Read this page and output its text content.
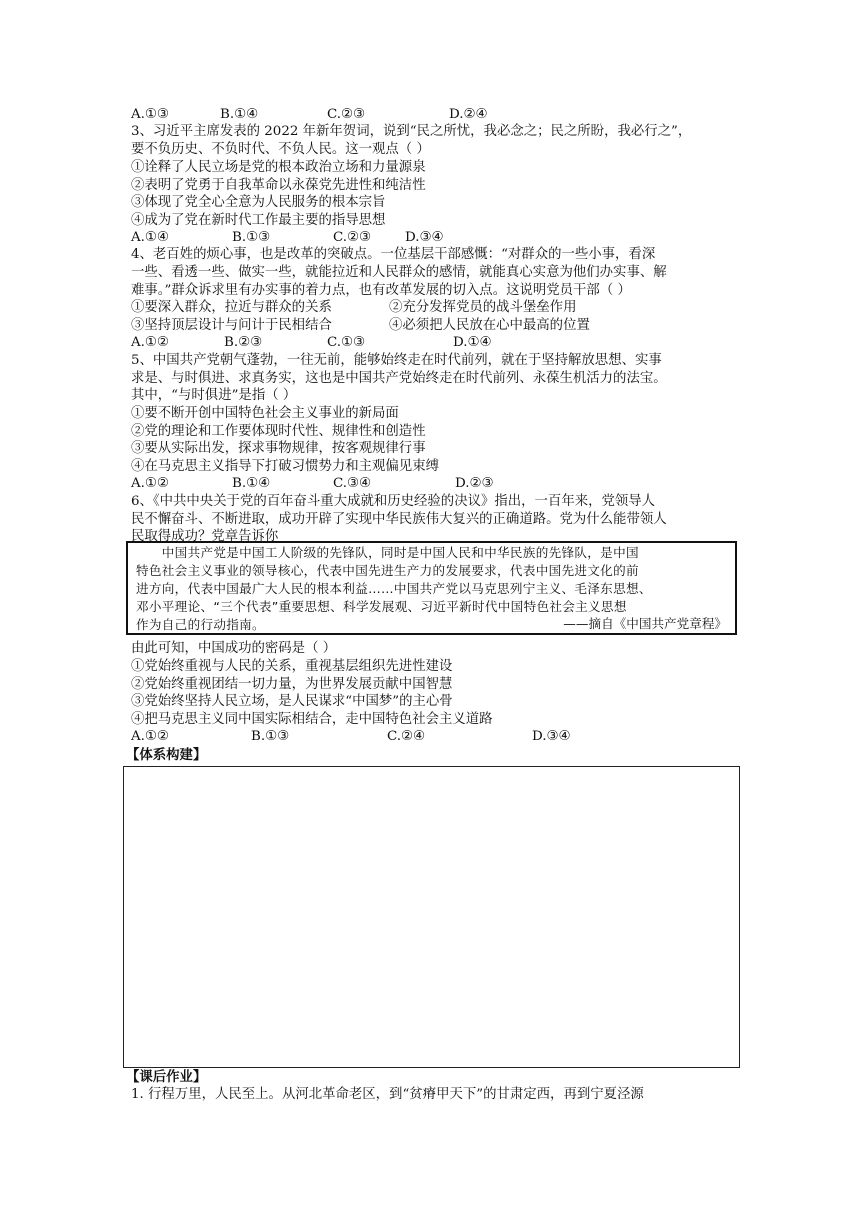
A.①③	B.①④	C.②③	D.②④
3、习近平主席发表的 2022 年新年贺词，说到“民之所忧，我必念之；民之所盼，我必行之”，
要不负历史、不负时代、不负人民。这一观点（ ）
①诠释了人民立场是党的根本政治立场和力量源泉
②表明了党勇于自我革命以永葆党先进性和纯洁性
③体现了党全心全意为人民服务的根本宗旨
④成为了党在新时代工作最主要的指导思想
A.①④	B.①③	C.②③	D.③④
4、老百姓的烦心事，也是改革的突破点。一位基层干部感慨：“对群众的一些小事，看深
一些、看透一些、做实一些，就能拉近和人民群众的感情，就能真心实意为他们办实事、解
难事。”群众诉求里有办实事的着力点，也有改革发展的切入点。这说明党员干部（ ）
①要深入群众，拉近与群众的关系	②充分发挥党员的战斗堡垒作用
③坚持顶层设计与问计于民相结合	④必须把人民放在心中最高的位置
A.①②	B.②③	C.①③	D.①④
5、中国共产党朝气蓬勃，一往无前，能够始终走在时代前列，就在于坚持解放思想、实事
求是、与时俱进、求真务实，这也是中国共产党始终走在时代前列、永葆生机活力的法宝。
其中，“与时俱进”是指（ ）
①要不断开创中国特色社会主义事业的新局面
②党的理论和工作要体现时代性、规律性和创造性
③要从实际出发，探求事物规律，按客观规律行事
④在马克思主义指导下打破习惯势力和主观偏见束缚
A.①②	B.①④	C.③④	D.②③
6、《中共中央关于党的百年奋斗重大成就和历史经验的决议》指出，一百年来，党领导人
民不懈奋斗、不断进取，成功开辟了实现中华民族伟大复兴的正确道路。党为什么能带领人
民取得成功？党章告诉你
　　中国共产党是中国工人阶级的先锋队，同时是中国人民和中华民族的先锋队，是中国
特色社会主义事业的领导核心，代表中国先进生产力的发展要求，代表中国先进文化的前
进方向，代表中国最广大人民的根本利益……中国共产党以马克思列宁主义、毛泽东思想、
邓小平理论、“三个代表”重要思想、科学发展观、习近平新时代中国特色社会主义思想
作为自己的行动指南。	——摘自《中国共产党章程》
由此可知，中国成功的密码是（ ）
①党始终重视与人民的关系，重视基层组织先进性建设
②党始终重视团结一切力量，为世界发展贡献中国智慧
③党始终坚持人民立场，是人民谋求“中国梦”的主心骨
④把马克思主义同中国实际相结合，走中国特色社会主义道路
A.①②	B.①③	C.②④	D.③④
【体系构建】
【课后作业】
1. 行程万里，人民至上。从河北革命老区，到“贫瘠甲天下”的甘肃定西，再到宁夏泾源
